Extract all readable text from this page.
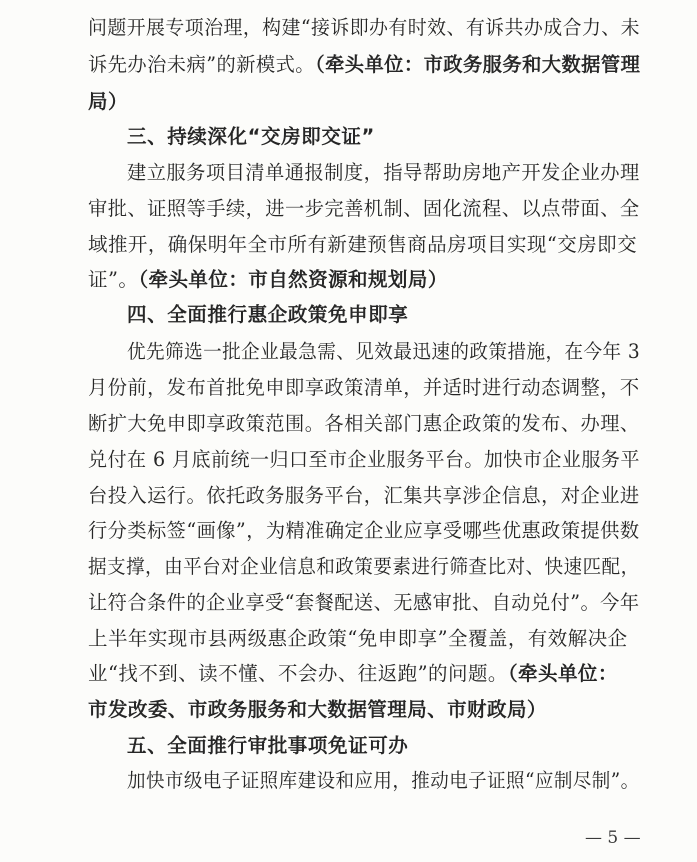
问题开展专项治理，构建“接诉即办有时效、有诉共办成合力、未
诉先办治未病”的新模式。（牵头单位：市政务服务和大数据管理
局）
三、持续深化“交房即交证”
建立服务项目清单通报制度，指导帮助房地产开发企业办理
审批、证照等手续，进一步完善机制、固化流程、以点带面、全
域推开，确保明年全市所有新建预售商品房项目实现“交房即交
证”。（牵头单位：市自然资源和规划局）
四、全面推行惠企政策免申即享
优先筛选一批企业最急需、见效最迅速的政策措施，在今年 3
月份前，发布首批免申即享政策清单，并适时进行动态调整，不
断扩大免申即享政策范围。各相关部门惠企政策的发布、办理、
兑付在 6 月底前统一归口至市企业服务平台。加快市企业服务平
台投入运行。依托政务服务平台，汇集共享涉企信息，对企业进
行分类标签“画像”，为精准确定企业应享受哪些优惠政策提供数
据支撑，由平台对企业信息和政策要素进行筛查比对、快速匹配，
让符合条件的企业享受“套餐配送、无感审批、自动兑付”。今年
上半年实现市县两级惠企政策“免申即享”全覆盖，有效解决企
业“找不到、读不懂、不会办、往返跑”的问题。（牵头单位：
市发改委、市政务服务和大数据管理局、市财政局）
五、全面推行审批事项免证可办
加快市级电子证照库建设和应用，推动电子证照“应制尽制”。
— 5 —
